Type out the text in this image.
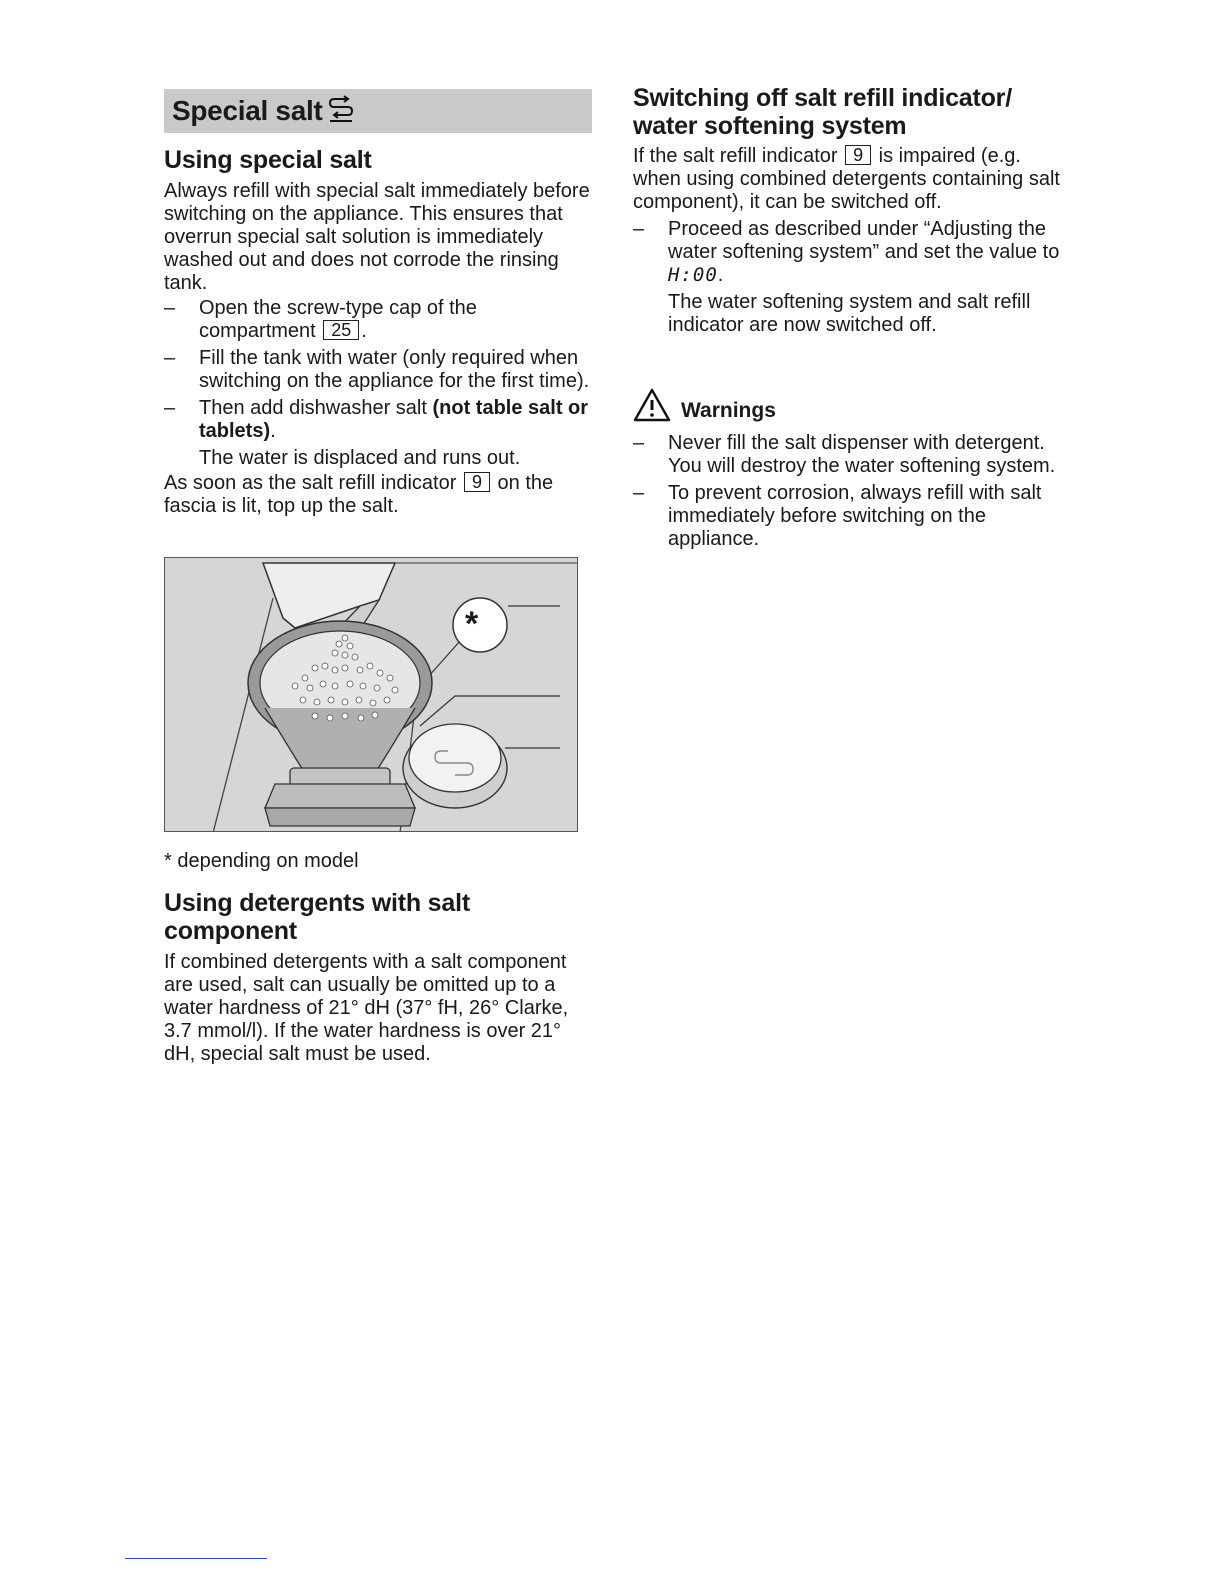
Special salt
Using special salt

Always refill with special salt immediately before switching on the appliance. This ensures that overrun special salt solution is immediately washed out and does not corrode the rinsing tank.

– Open the screw-type cap of the compartment 25 .
– Fill the tank with water (only required when switching on the appliance for the first time).
– Then add dishwasher salt (not table salt or tablets).
The water is displaced and runs out.

As soon as the salt refill indicator 9 on the fascia is lit, top up the salt.

*

* depending on model

Using detergents with salt component

If combined detergents with a salt component are used, salt can usually be omitted up to a water hardness of 21° dH (37° fH, 26° Clarke, 3.7 mmol/l). If the water hardness is over 21° dH, special salt must be used.

Switching off salt refill indicator/ water softening system

If the salt refill indicator 9 is impaired (e.g. when using combined detergents containing salt component), it can be switched off.

– Proceed as described under “Adjusting the water softening system” and set the value to H:00.
The water softening system and salt refill indicator are now switched off.
Warnings
– Never fill the salt dispenser with detergent. You will destroy the water softening system.
– To prevent corrosion, always refill with salt immediately before switching on the appliance.
